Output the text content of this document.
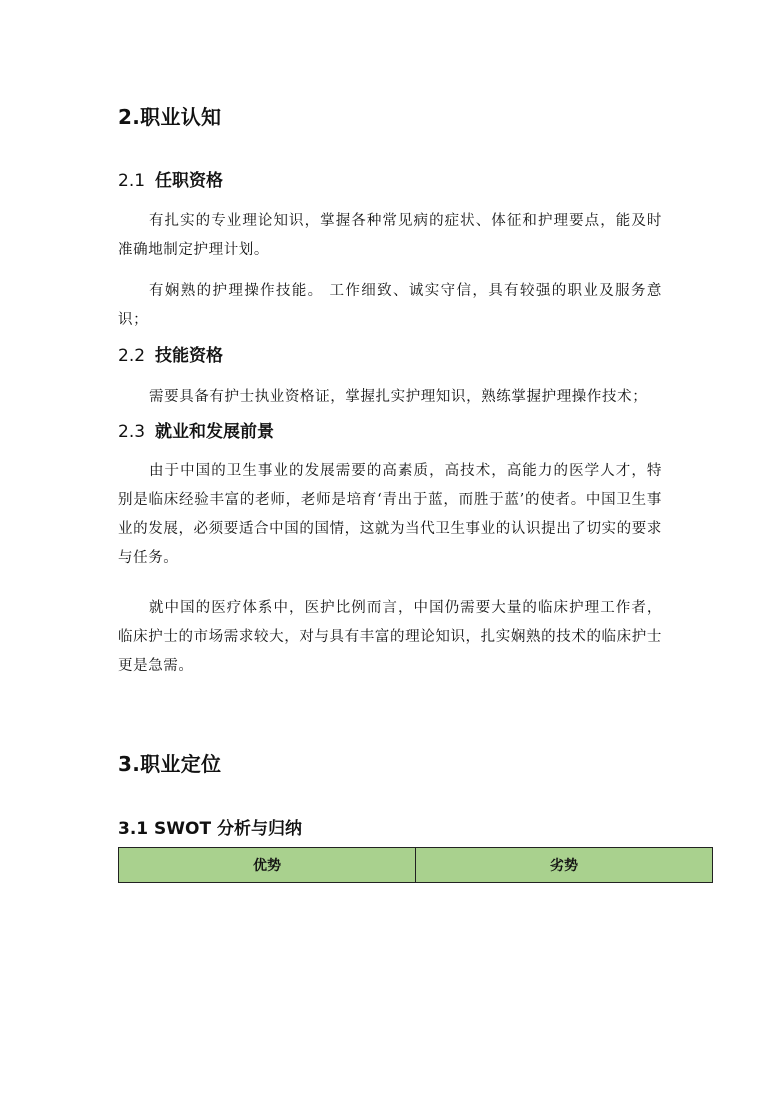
2.职业认知
2.1 任职资格
有扎实的专业理论知识，掌握各种常见病的症状、体征和护理要点，能及时准确地制定护理计划。
有娴熟的护理操作技能。 工作细致、诚实守信，具有较强的职业及服务意识；
2.2 技能资格
需要具备有护士执业资格证，掌握扎实护理知识，熟练掌握护理操作技术；
2.3 就业和发展前景
由于中国的卫生事业的发展需要的高素质，高技术，高能力的医学人才，特别是临床经验丰富的老师，老师是培育‘青出于蓝，而胜于蓝’的使者。中国卫生事业的发展，必须要适合中国的国情，这就为当代卫生事业的认识提出了切实的要求与任务。
就中国的医疗体系中，医护比例而言，中国仍需要大量的临床护理工作者，临床护士的市场需求较大，对与具有丰富的理论知识，扎实娴熟的技术的临床护士更是急需。
3.职业定位
3.1 SWOT 分析与归纳
优势	劣势
